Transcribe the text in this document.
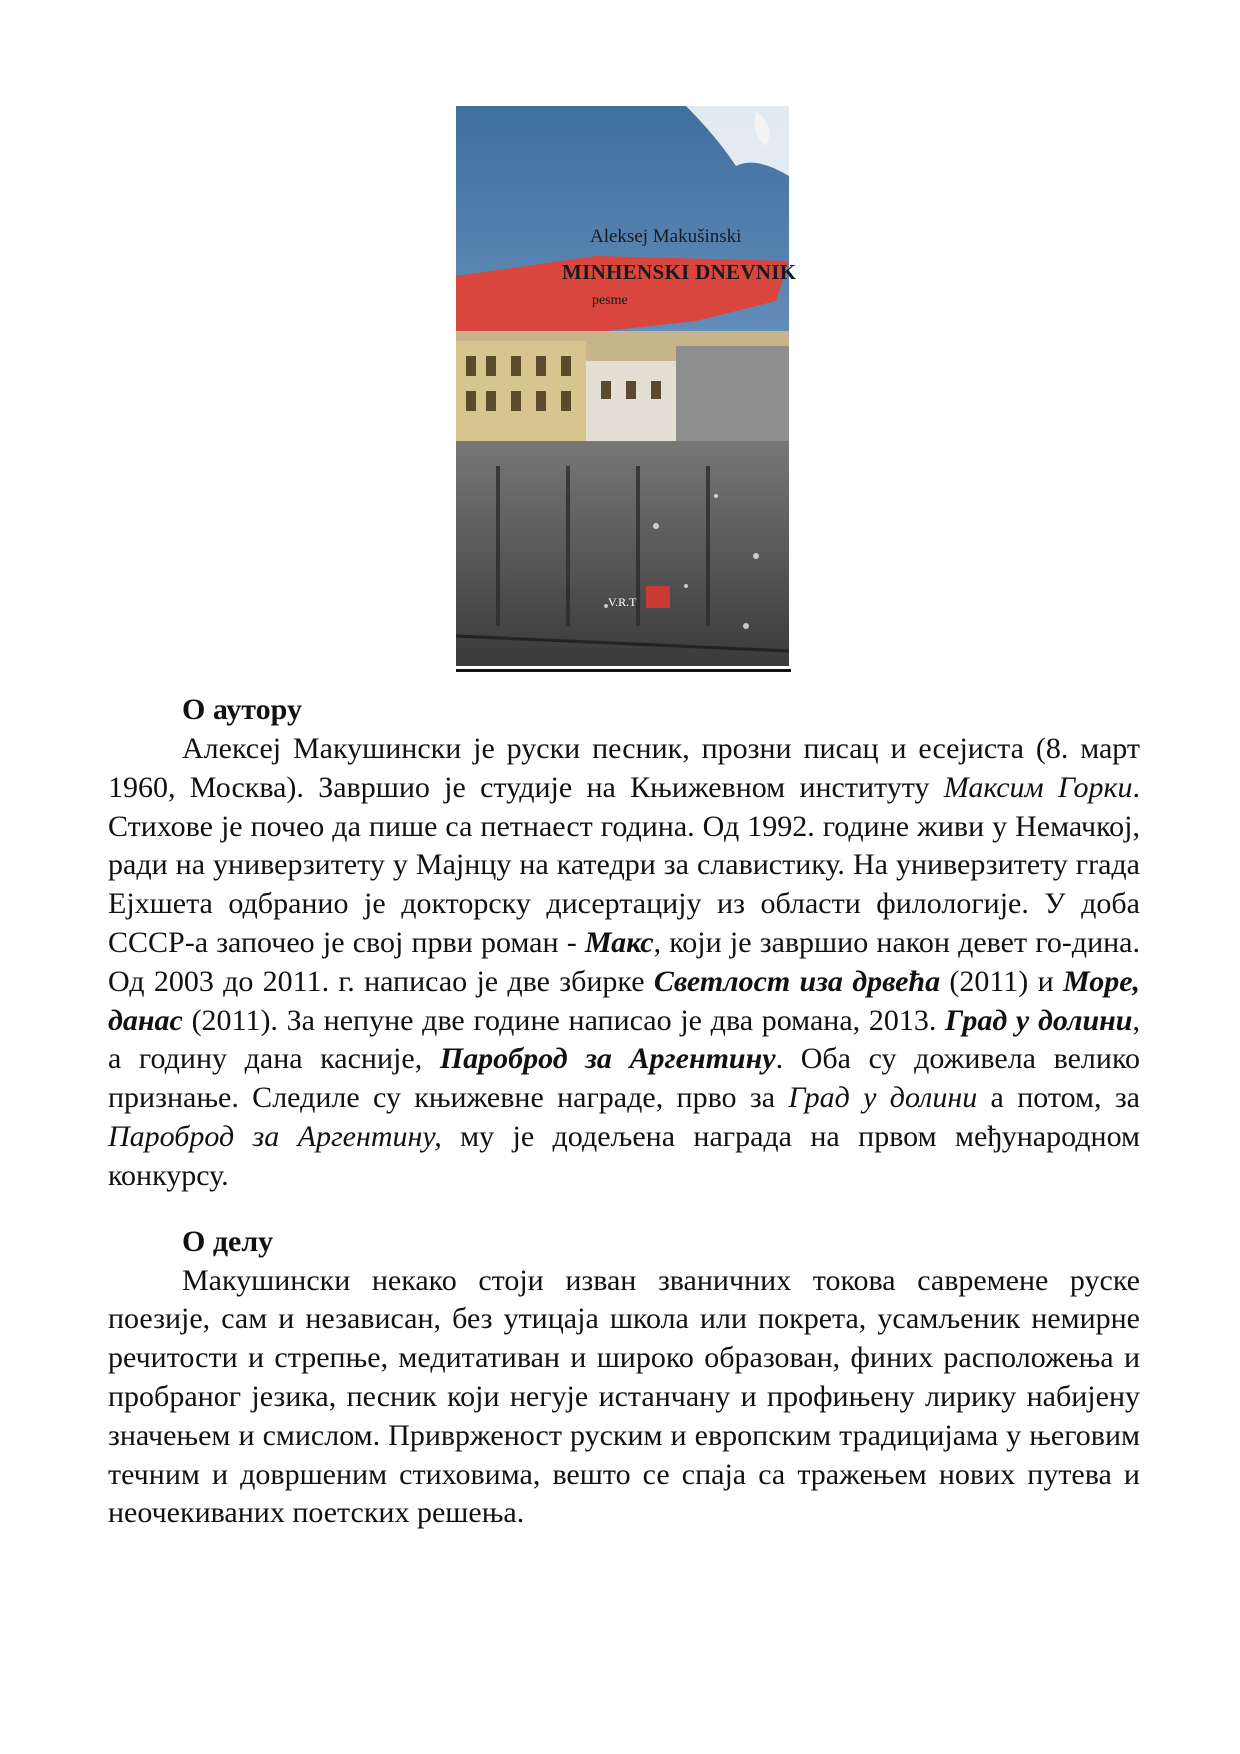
Aleksej Makušinski
MINHENSKI DNEVNIK
pesme
V.R.T

О аутору

Алексеј Макушински је руски песник, прозни писац и есејиста (8. март 1960, Москва). Завршио је студије на Књижевном институту Максим Горки. Стихове је почео да пише са петнаест година. Од 1992. године живи у Немачкој, ради на универзитету у Мајнцу на катедри за славистику. На универзитету гrада Ејхшета одбранио је докторску дисертацију из области филологије. У доба СССР-а започео је свој први роман - Макс, који је завршио након девет го-дина. Од 2003 до 2011. г. написао је две збирке Светлост иза дрвећа (2011) и Море, данас (2011). За непуне две године написао је два романа, 2013. Град у долини, а годину дана касније, Пароброд за Аргентину. Оба су доживела велико признање. Следиле су књижевне награде, прво за Град у долини а потом, за Пароброд за Аргентину, му је додељена награда на првом међународном конкурсу.

О делу

Макушински некако стоји изван званичних токова савремене руске поезије, сам и независан, без утицаја школа или покрета, усамљеник немирне речитости и стрепње, медитативан и широко образован, финих расположења и пробраног језика, песник који негује истанчану и профињену лирику набијену значењем и смислом. Приврженост руским и европским традицијама у његовим течним и довршеним стиховима, вешто се спаја са тражењем нових путева и неочекиваних поетских решења.
